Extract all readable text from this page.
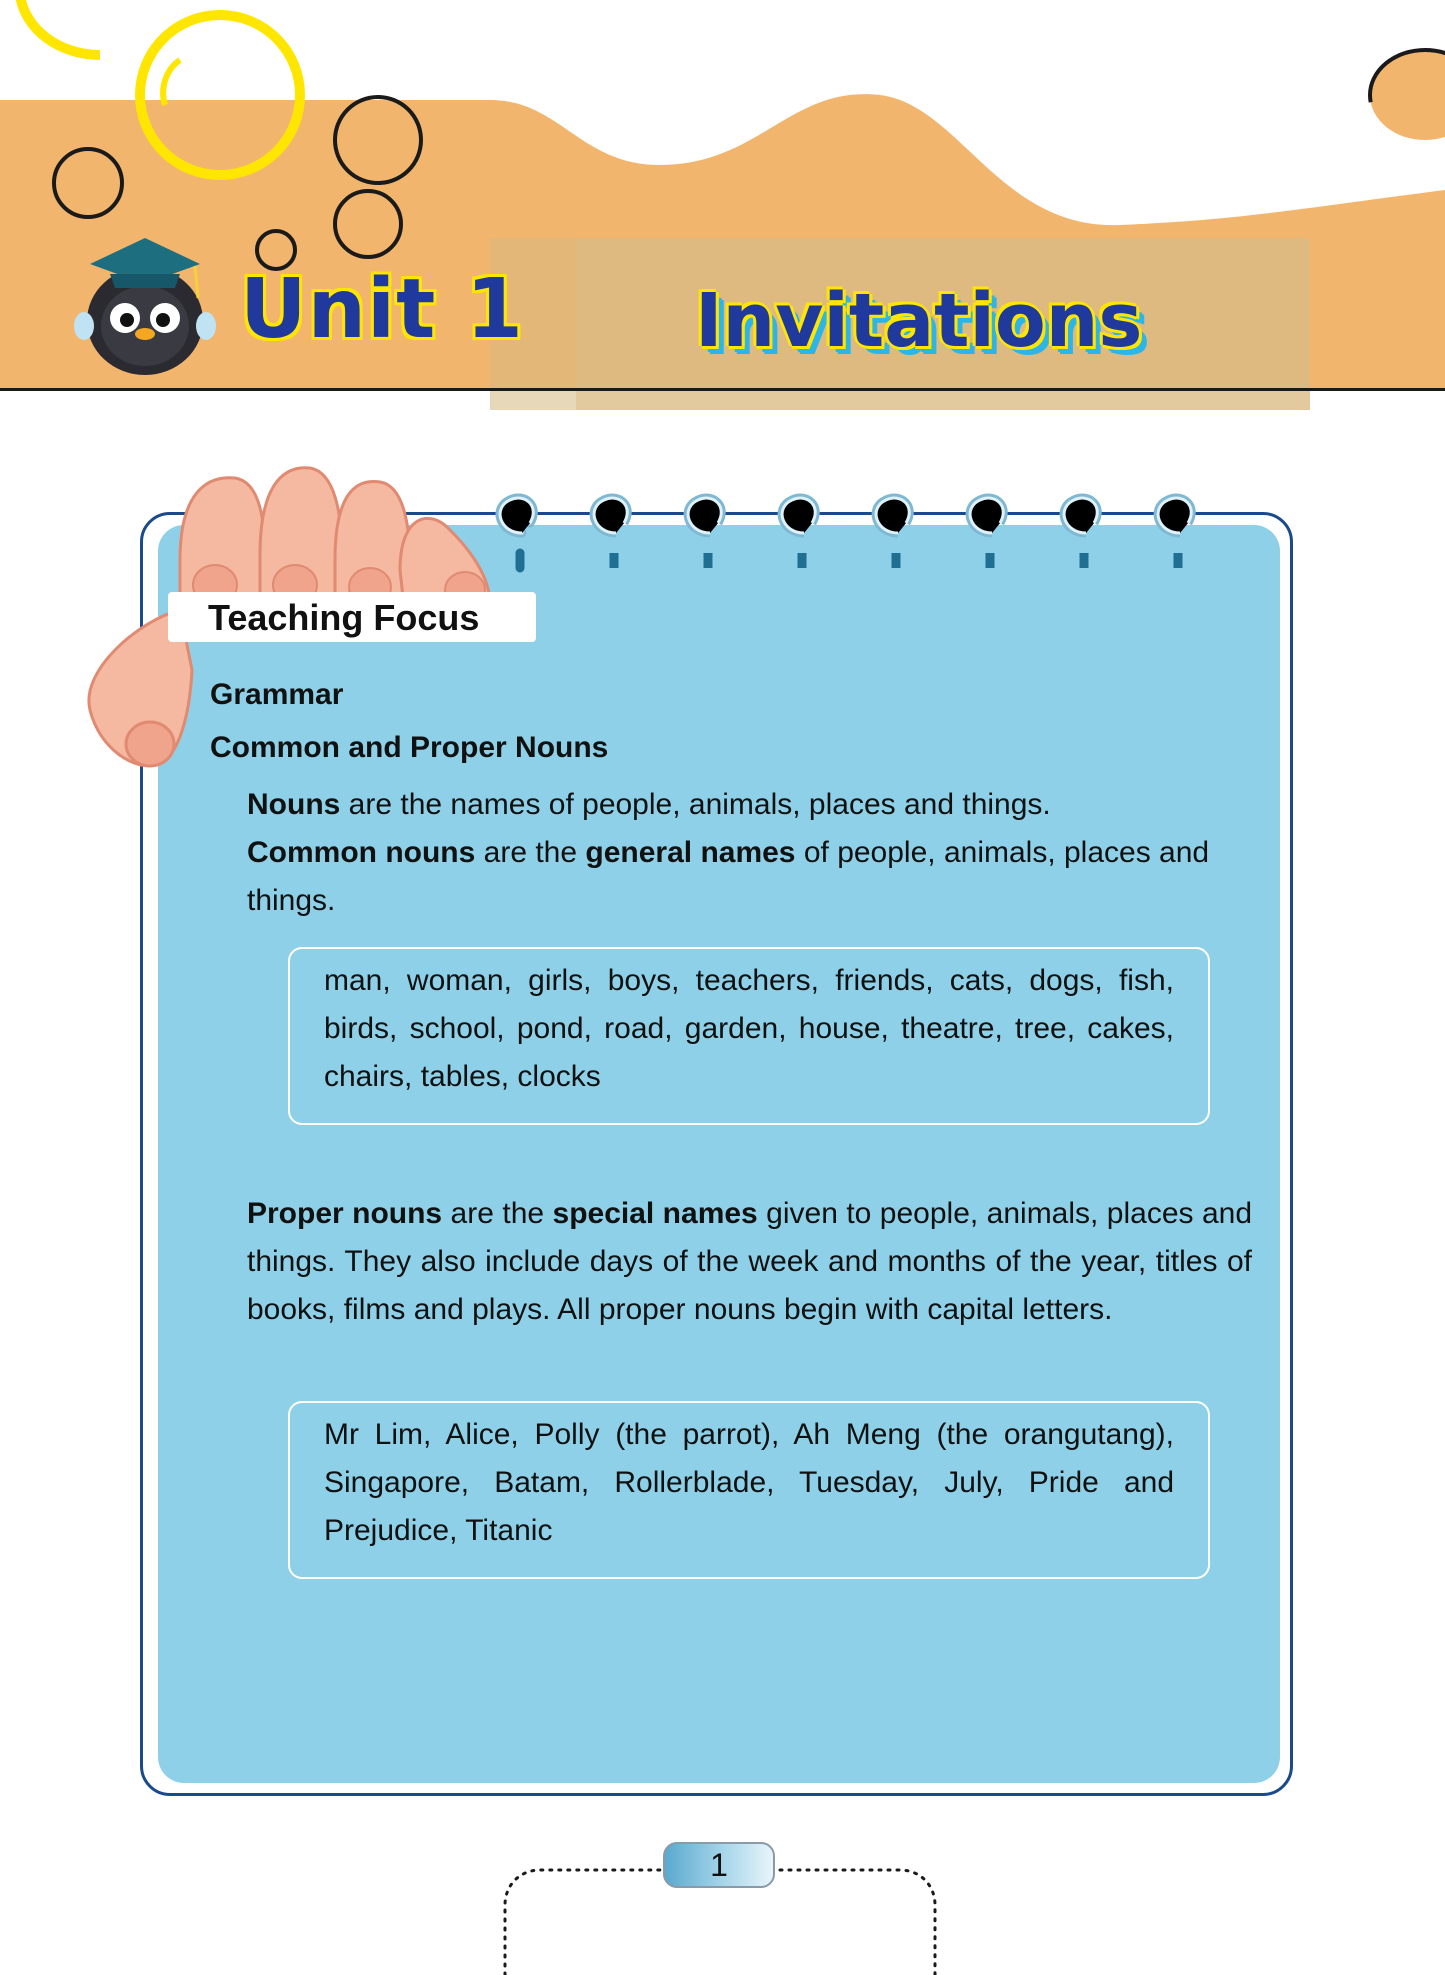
Unit 1 Invitations
Teaching Focus
Grammar
Common and Proper Nouns
Nouns are the names of people, animals, places and things.
Common nouns are the general names of people, animals, places and things.
man, woman, girls, boys, teachers, friends, cats, dogs, fish, birds, school, pond, road, garden, house, theatre, tree, cakes, chairs, tables, clocks
Proper nouns are the special names given to people, animals, places and things. They also include days of the week and months of the year, titles of books, films and plays. All proper nouns begin with capital letters.
Mr Lim, Alice, Polly (the parrot), Ah Meng (the orangutang), Singapore, Batam, Rollerblade, Tuesday, July, Pride and Prejudice, Titanic
1
